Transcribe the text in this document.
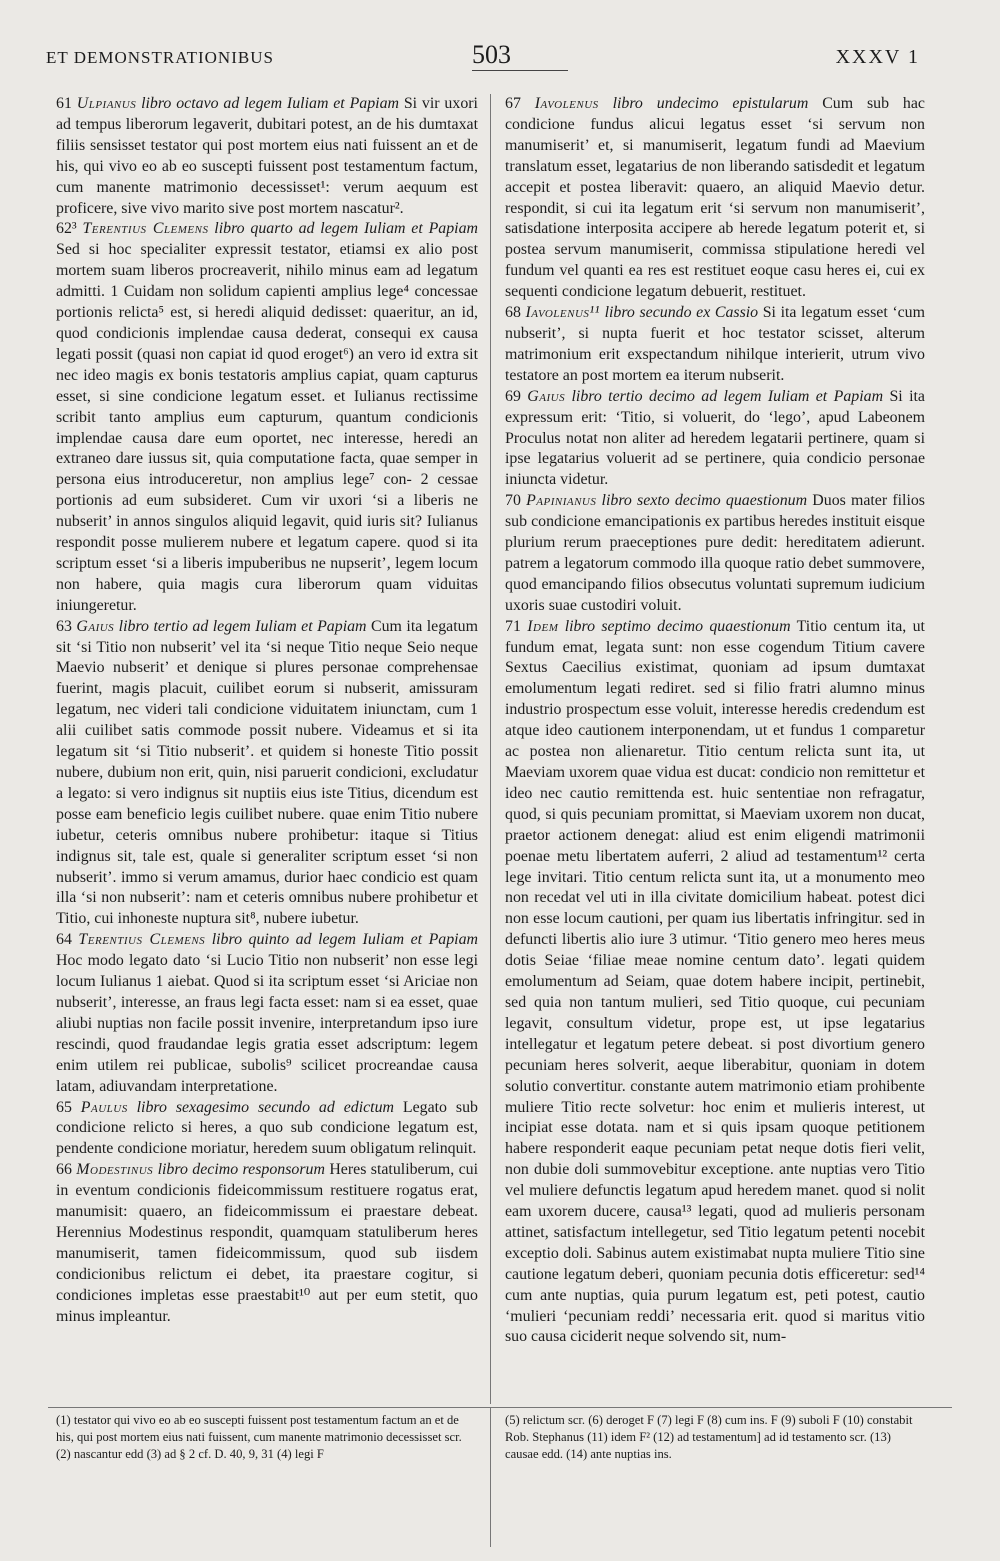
ET DEMONSTRATIONIBUS	503	XXXV 1

61 Ulpianus libro octavo ad legem Iuliam et Papiam Si vir uxori ad tempus liberorum legaverit, dubitari potest, an de his dumtaxat filiis sensisset testator qui post mortem eius nati fuissent an et de his, qui vivo eo ab eo suscepti fuissent post testamentum factum, cum manente matrimonio decessisset¹: verum aequum est proficere, sive vivo marito sive post mortem nascatur².

62³ Terentius Clemens libro quarto ad legem Iuliam et Papiam Sed si hoc specialiter expressit testator, etiamsi ex alio post mortem suam liberos procreaverit, nihilo minus eam ad legatum admitti. 1 Cuidam non solidum capienti amplius lege⁴ concessae portionis relicta⁵ est, si heredi aliquid dedisset: quaeritur, an id, quod condicionis implendae causa dederat, consequi ex causa legati possit (quasi non capiat id quod eroget⁶) an vero id extra sit nec ideo magis ex bonis testatoris amplius capiat, quam capturus esset, si sine condicione legatum esset. et Iulianus rectissime scribit tanto amplius eum capturum, quantum condicionis implendae causa dare eum oportet, nec interesse, heredi an extraneo dare iussus sit, quia computatione facta, quae semper in persona eius introduceretur, non amplius lege⁷ con- 2 cessae portionis ad eum subsideret. Cum vir uxori ‘si a liberis ne nubserit’ in annos singulos aliquid legavit, quid iuris sit? Iulianus respondit posse mulierem nubere et legatum capere. quod si ita scriptum esset ‘si a liberis impuberibus ne nupserit’, legem locum non habere, quia magis cura liberorum quam viduitas iniungeretur.

63 Gaius libro tertio ad legem Iuliam et Papiam Cum ita legatum sit ‘si Titio non nubserit’ vel ita ‘si neque Titio neque Seio neque Maevio nubserit’ et denique si plures personae comprehensae fuerint, magis placuit, cuilibet eorum si nubserit, amissuram legatum, nec videri tali condicione viduitatem iniunctam, cum 1 alii cuilibet satis commode possit nubere. Videamus et si ita legatum sit ‘si Titio nubserit’. et quidem si honeste Titio possit nubere, dubium non erit, quin, nisi paruerit condicioni, excludatur a legato: si vero indignus sit nuptiis eius iste Titius, dicendum est posse eam beneficio legis cuilibet nubere. quae enim Titio nubere iubetur, ceteris omnibus nubere prohibetur: itaque si Titius indignus sit, tale est, quale si generaliter scriptum esset ‘si non nubserit’. immo si verum amamus, durior haec condicio est quam illa ‘si non nubserit’: nam et ceteris omnibus nubere prohibetur et Titio, cui inhoneste nuptura sit⁸, nubere iubetur.

64 Terentius Clemens libro quinto ad legem Iuliam et Papiam Hoc modo legato dato ‘si Lucio Titio non nubserit’ non esse legi locum Iulianus 1 aiebat. Quod si ita scriptum esset ‘si Ariciae non nubserit’, interesse, an fraus legi facta esset: nam si ea esset, quae aliubi nuptias non facile possit invenire, interpretandum ipso iure rescindi, quod fraudandae legis gratia esset adscriptum: legem enim utilem rei publicae, subolis⁹ scilicet procreandae causa latam, adiuvandam interpretatione.

65 Paulus libro sexagesimo secundo ad edictum Legato sub condicione relicto si heres, a quo sub condicione legatum est, pendente condicione moriatur, heredem suum obligatum relinquit.

66 Modestinus libro decimo responsorum Heres statuliberum, cui in eventum condicionis fideicommissum restituere rogatus erat, manumisit: quaero, an fideicommissum ei praestare debeat. Herennius Modestinus respondit, quamquam statuliberum heres manumiserit, tamen fideicommissum, quod sub iisdem condicionibus relictum ei debet, ita praestare cogitur, si condiciones impletas esse praestabit¹⁰ aut per eum stetit, quo minus impleantur.

67 Iavolenus libro undecimo epistularum Cum sub hac condicione fundus alicui legatus esset ‘si servum non manumiserit’ et, si manumiserit, legatum fundi ad Maevium translatum esset, legatarius de non liberando satisdedit et legatum accepit et postea liberavit: quaero, an aliquid Maevio detur. respondit, si cui ita legatum erit ‘si servum non manumiserit’, satisdatione interposita accipere ab herede legatum poterit et, si postea servum manumiserit, commissa stipulatione heredi vel fundum vel quanti ea res est restituet eoque casu heres ei, cui ex sequenti condicione legatum debuerit, restituet.

68 Iavolenus¹¹ libro secundo ex Cassio Si ita legatum esset ‘cum nubserit’, si nupta fuerit et hoc testator scisset, alterum matrimonium erit exspectandum nihilque interierit, utrum vivo testatore an post mortem ea iterum nubserit.

69 Gaius libro tertio decimo ad legem Iuliam et Papiam Si ita expressum erit: ‘Titio, si voluerit, do ‘lego’, apud Labeonem Proculus notat non aliter ad heredem legatarii pertinere, quam si ipse legatarius voluerit ad se pertinere, quia condicio personae iniuncta videtur.

70 Papinianus libro sexto decimo quaestionum Duos mater filios sub condicione emancipationis ex partibus heredes instituit eisque plurium rerum praeceptiones pure dedit: hereditatem adierunt. patrem a legatorum commodo illa quoque ratio debet summovere, quod emancipando filios obsecutus voluntati supremum iudicium uxoris suae custodiri voluit.

71 Idem libro septimo decimo quaestionum Titio centum ita, ut fundum emat, legata sunt: non esse cogendum Titium cavere Sextus Caecilius existimat, quoniam ad ipsum dumtaxat emolumentum legati rediret. sed si filio fratri alumno minus industrio prospectum esse voluit, interesse heredis credendum est atque ideo cautionem interponendam, ut et fundus 1 comparetur ac postea non alienaretur. Titio centum relicta sunt ita, ut Maeviam uxorem quae vidua est ducat: condicio non remittetur et ideo nec cautio remittenda est. huic sententiae non refragatur, quod, si quis pecuniam promittat, si Maeviam uxorem non ducat, praetor actionem denegat: aliud est enim eligendi matrimonii poenae metu libertatem auferri, 2 aliud ad testamentum¹² certa lege invitari. Titio centum relicta sunt ita, ut a monumento meo non recedat vel uti in illa civitate domicilium habeat. potest dici non esse locum cautioni, per quam ius libertatis infringitur. sed in defuncti libertis alio iure 3 utimur. ‘Titio genero meo heres meus dotis Seiae ‘filiae meae nomine centum dato’. legati quidem emolumentum ad Seiam, quae dotem habere incipit, pertinebit, sed quia non tantum mulieri, sed Titio quoque, cui pecuniam legavit, consultum videtur, prope est, ut ipse legatarius intellegatur et legatum petere debeat. si post divortium genero pecuniam heres solverit, aeque liberabitur, quoniam in dotem solutio convertitur. constante autem matrimonio etiam prohibente muliere Titio recte solvetur: hoc enim et mulieris interest, ut incipiat esse dotata. nam et si quis ipsam quoque petitionem habere responderit eaque pecuniam petat neque dotis fieri velit, non dubie doli summovebitur exceptione. ante nuptias vero Titio vel muliere defunctis legatum apud heredem manet. quod si nolit eam uxorem ducere, causa¹³ legati, quod ad mulieris personam attinet, satisfactum intellegetur, sed Titio legatum petenti nocebit exceptio doli. Sabinus autem existimabat nupta muliere Titio sine cautione legatum deberi, quoniam pecunia dotis efficeretur: sed¹⁴ cum ante nuptias, quia purum legatum est, peti potest, cautio ‘mulieri ‘pecuniam reddi’ necessaria erit. quod si maritus vitio suo causa ciciderit neque solvendo sit, num-

(1) testator qui vivo eo ab eo suscepti fuissent post testamentum factum an et de his, qui post mortem eius nati fuissent, cum manente matrimonio decessisset scr. (2) nascantur edd (3) ad § 2 cf. D. 40, 9, 31 (4) legi F

(5) relictum scr. (6) deroget F (7) legi F (8) cum ins. F (9) suboli F (10) constabit Rob. Stephanus (11) idem F² (12) ad testamentum] ad id testamento scr. (13) causae edd. (14) ante nuptias ins.
